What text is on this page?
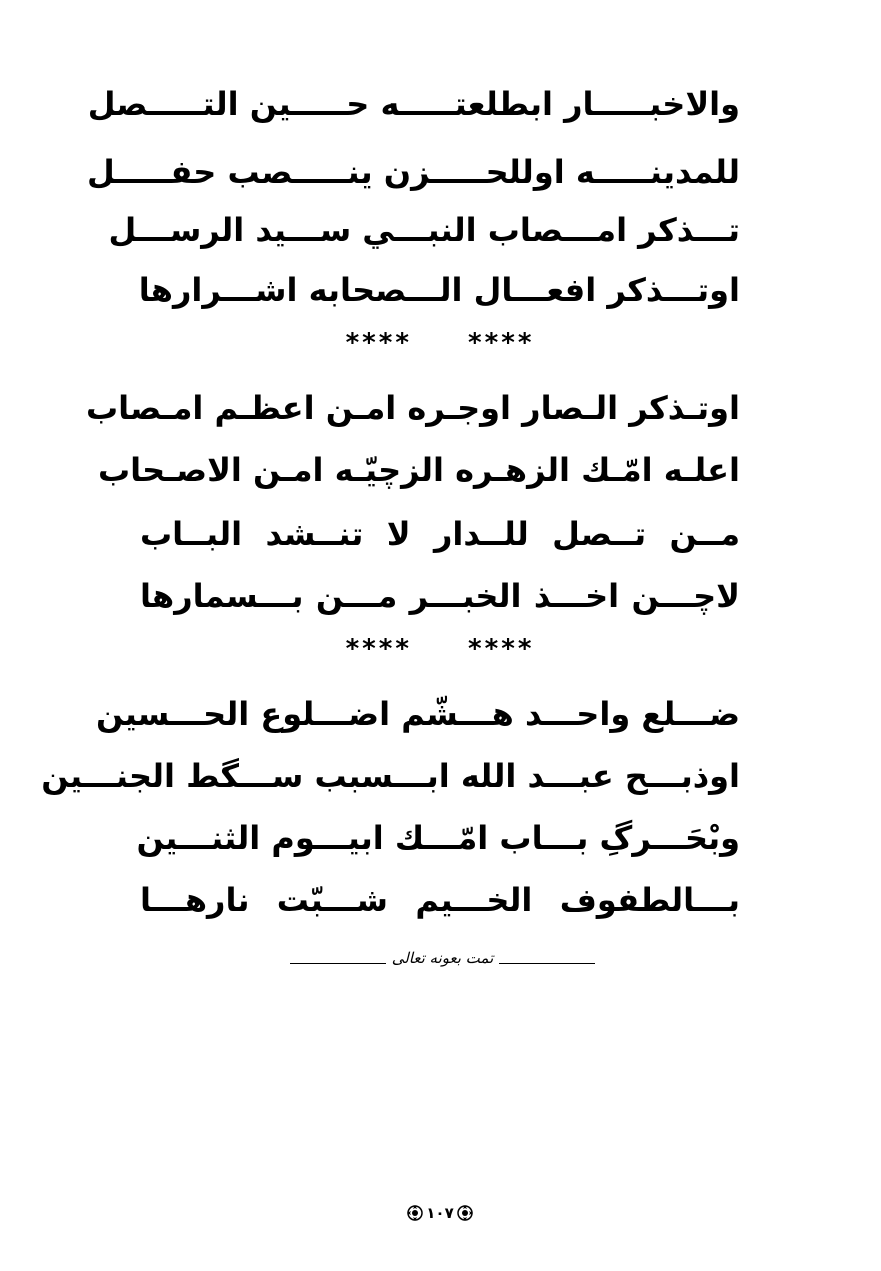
والاخبـــــار ابطلعتـــــه حـــــين التـــــصل
للمدينـــــه اوللحـــــزن ينـــــصب حفـــــل
تـــذكر امـــصاب النبـــي ســـيد الرســـل
اوتـــذكر افعـــال الـــصحابه اشـــرارها
**** ****
اوتـذكر الـصار اوجـره امـن اعظـم امـصاب
اعلـه امّـك الزهـره الزچيّـه امـن الاصـحاب
مــن تــصل للــدار لا تنــشد البــاب
لاچـــن اخـــذ الخبـــر مـــن بـــسمارها
**** ****
ضـــلع واحـــد هـــشّم اضـــلوع الحـــسين
اوذبـــح عبـــد الله ابـــسبب ســـگط الجنـــين
وبْحَـــرگِ بـــاب امّـــك ابيـــوم الثنـــين
بـــالطفوف الخـــيم شـــبّت نارهـــا
تمت بعونه تعالى
١٠٧
